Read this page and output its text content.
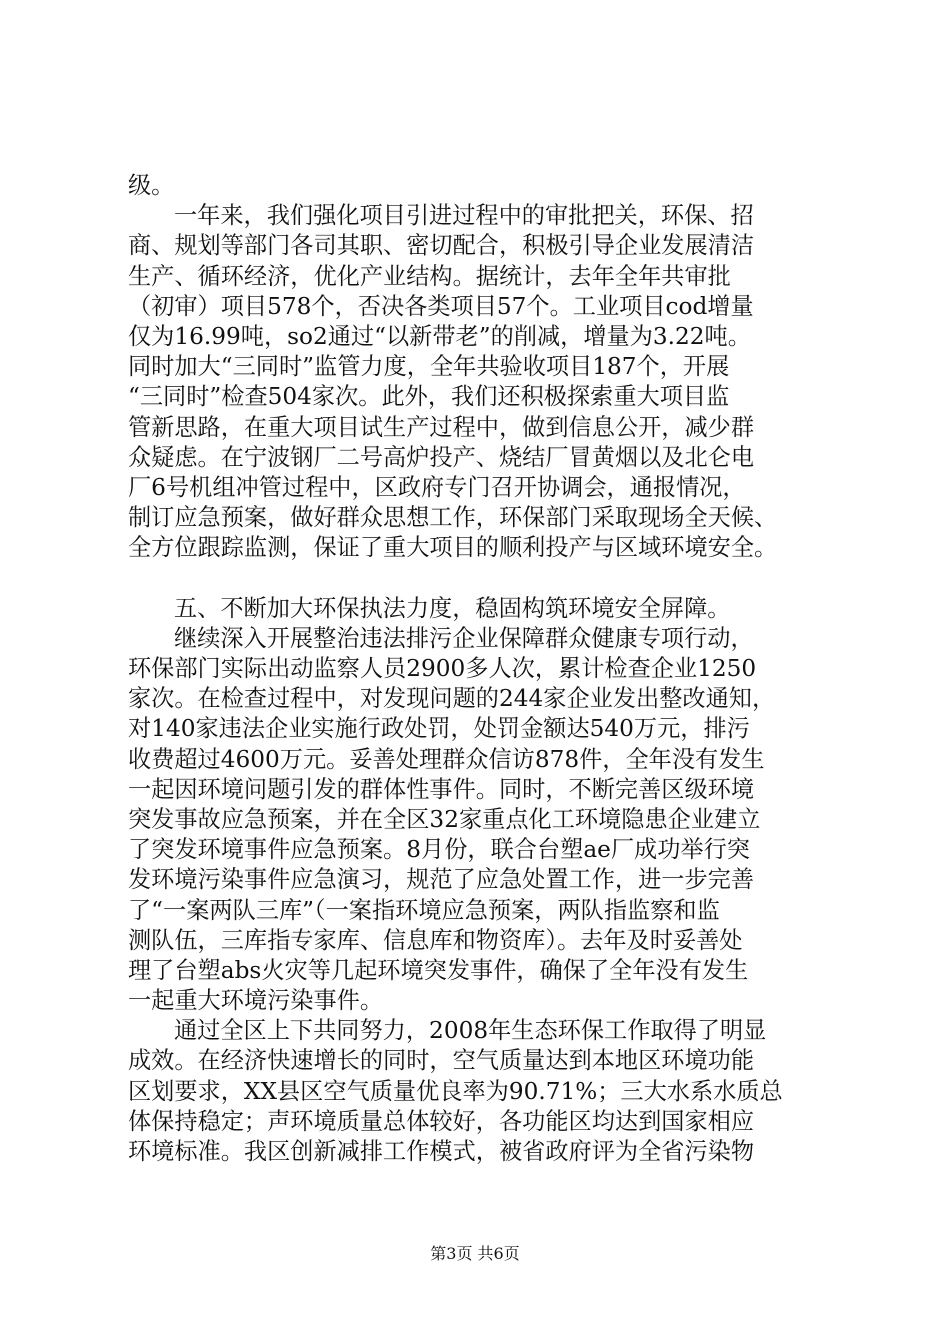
级。
一年来，我们强化项目引进过程中的审批把关，环保、招
商、规划等部门各司其职、密切配合，积极引导企业发展清洁
生产、循环经济，优化产业结构。据统计，去年全年共审批
（初审）项目578个，否决各类项目57个。工业项目cod增量
仅为16.99吨，so2通过“以新带老”的削减，增量为3.22吨。
同时加大“三同时”监管力度，全年共验收项目187个，开展
“三同时”检查504家次。此外，我们还积极探索重大项目监
管新思路，在重大项目试生产过程中，做到信息公开，减少群
众疑虑。在宁波钢厂二号高炉投产、烧结厂冒黄烟以及北仑电
厂6号机组冲管过程中，区政府专门召开协调会，通报情况，
制订应急预案，做好群众思想工作，环保部门采取现场全天候、
全方位跟踪监测，保证了重大项目的顺利投产与区域环境安全。
五、不断加大环保执法力度，稳固构筑环境安全屏障。
继续深入开展整治违法排污企业保障群众健康专项行动，
环保部门实际出动监察人员2900多人次，累计检查企业1250
家次。在检查过程中，对发现问题的244家企业发出整改通知，
对140家违法企业实施行政处罚，处罚金额达540万元，排污
收费超过4600万元。妥善处理群众信访878件，全年没有发生
一起因环境问题引发的群体性事件。同时，不断完善区级环境
突发事故应急预案，并在全区32家重点化工环境隐患企业建立
了突发环境事件应急预案。8月份，联合台塑ae厂成功举行突
发环境污染事件应急演习，规范了应急处置工作，进一步完善
了“一案两队三库”（一案指环境应急预案，两队指监察和监
测队伍，三库指专家库、信息库和物资库）。去年及时妥善处
理了台塑abs火灾等几起环境突发事件，确保了全年没有发生
一起重大环境污染事件。
通过全区上下共同努力，2008年生态环保工作取得了明显
成效。在经济快速增长的同时，空气质量达到本地区环境功能
区划要求，XX县区空气质量优良率为90.71%；三大水系水质总
体保持稳定；声环境质量总体较好，各功能区均达到国家相应
环境标准。我区创新减排工作模式，被省政府评为全省污染物
第3页 共6页
